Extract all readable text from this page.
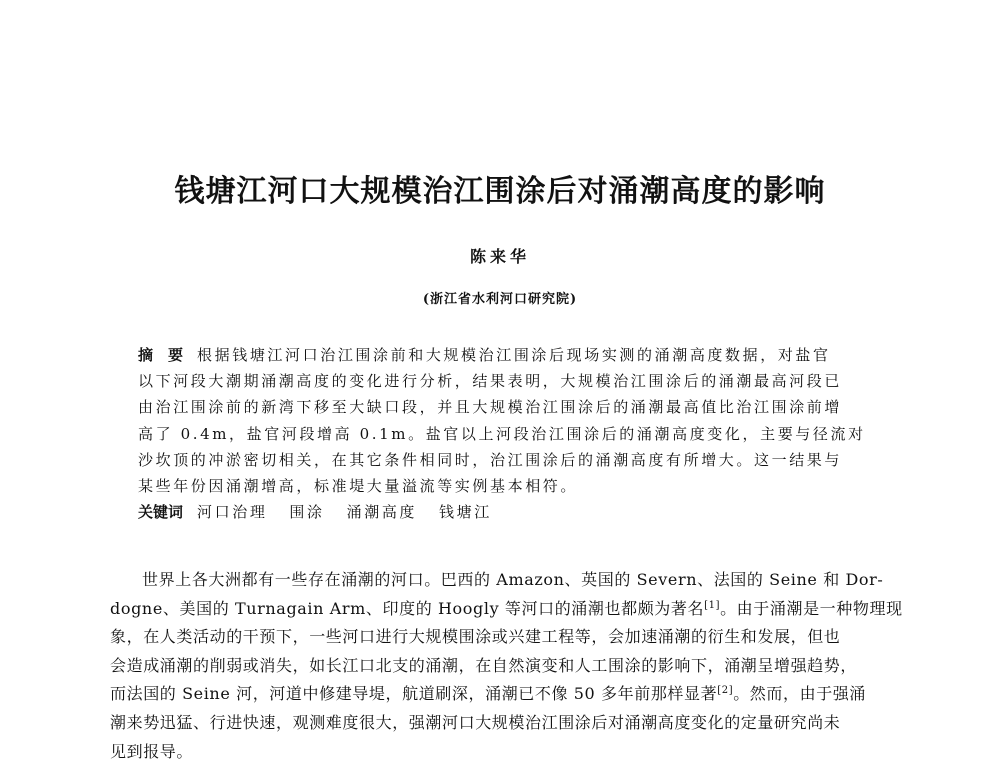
钱塘江河口大规模治江围涂后对涌潮高度的影响
陈来华
(浙江省水利河口研究院)
摘　要 根据钱塘江河口治江围涂前和大规模治江围涂后现场实测的涌潮高度数据，对盐官
以下河段大潮期涌潮高度的变化进行分析，结果表明，大规模治江围涂后的涌潮最高河段已
由治江围涂前的新湾下移至大缺口段，并且大规模治江围涂后的涌潮最高值比治江围涂前增
高了 0.4m，盐官河段增高 0.1m。盐官以上河段治江围涂后的涌潮高度变化，主要与径流对
沙坎顶的冲淤密切相关，在其它条件相同时，治江围涂后的涌潮高度有所增大。这一结果与
某些年份因涌潮增高，标准堤大量溢流等实例基本相符。
关键词 河口治理 围涂 涌潮高度 钱塘江
世界上各大洲都有一些存在涌潮的河口。巴西的 Amazon、英国的 Severn、法国的 Seine 和 Dor-
dogne、美国的 Turnagain Arm、印度的 Hoogly 等河口的涌潮也都颇为著名[1]。由于涌潮是一种物理现
象，在人类活动的干预下，一些河口进行大规模围涂或兴建工程等，会加速涌潮的衍生和发展，但也
会造成涌潮的削弱或消失，如长江口北支的涌潮，在自然演变和人工围涂的影响下，涌潮呈增强趋势，
而法国的 Seine 河，河道中修建导堤，航道刷深，涌潮已不像 50 多年前那样显著[2]。然而，由于强涌
潮来势迅猛、行进快速，观测难度很大，强潮河口大规模治江围涂后对涌潮高度变化的定量研究尚未
见到报导。
